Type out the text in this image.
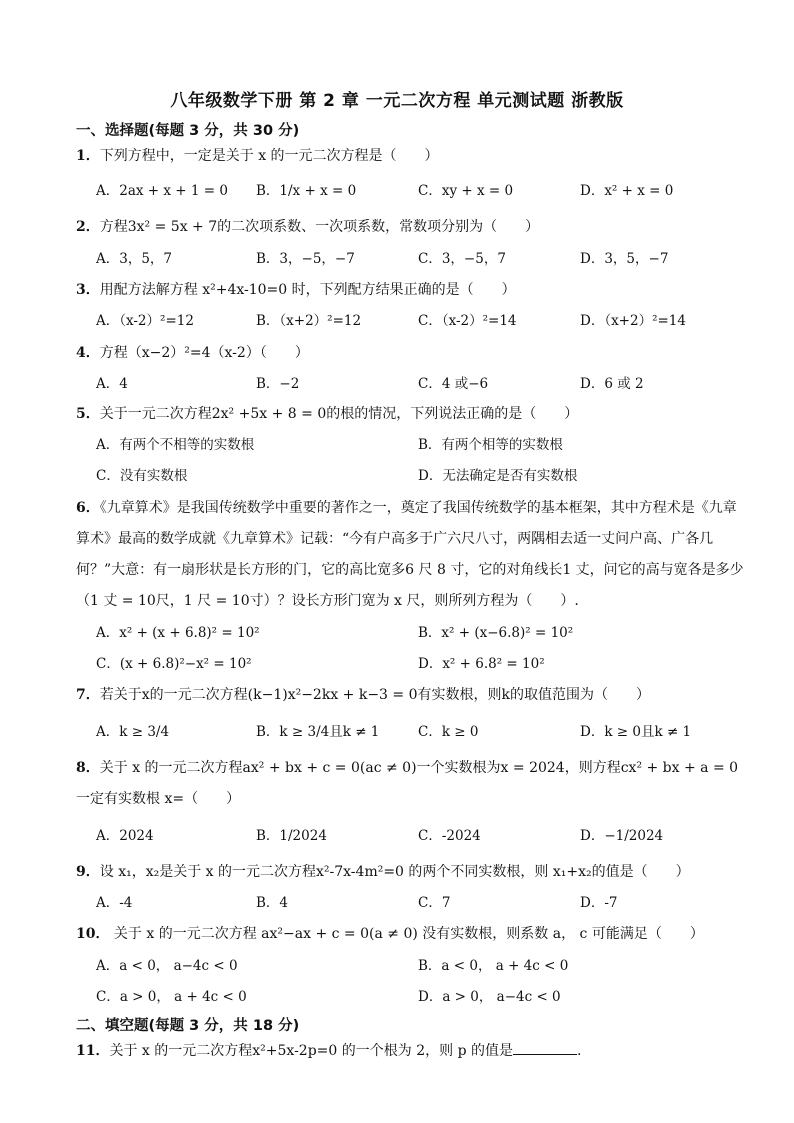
八年级数学下册 第 2 章 一元二次方程 单元测试题 浙教版
一、选择题(每题 3 分，共 30 分)
1．下列方程中，一定是关于 x 的一元二次方程是（　　）
A．2ax + x + 1 = 0 B．1/x + x = 0	C．xy + x = 0	D．x² + x = 0
2．方程3x² = 5x + 7的二次项系数、一次项系数，常数项分别为（　　）
A．3，5，7	B．3，−5，−7	C．3，−5，7	D．3，5，−7
3．用配方法解方程 x²+4x-10=0 时，下列配方结果正确的是（　　）
A．（x-2）²=12	B．（x+2）²=12	C．（x-2）²=14	D．（x+2）²=14
4．方程（x−2）²=4（x-2）（　　）
A．4	B．−2	C．4 或−6	D．6 或 2
5．关于一元二次方程2x² +5x + 8 = 0的根的情况，下列说法正确的是（　　）
A．有两个不相等的实数根	B．有两个相等的实数根
C．没有实数根	D．无法确定是否有实数根
6．《九章算术》是我国传统数学中重要的著作之一，奠定了我国传统数学的基本框架，其中方程术是《九章算术》最高的数学成就《九章算术》记载：“今有户高多于广六尺八寸，两隅相去适一丈问户高、广各几何？”大意：有一扇形状是长方形的门，它的高比宽多6 尺 8 寸，它的对角线长1 丈，问它的高与宽各是多少（1 丈 = 10尺，1 尺 = 10寸）？设长方形门宽为 x 尺，则所列方程为（　　）.
A．x² + (x + 6.8)² = 10²	B．x² + (x−6.8)² = 10²
C．(x + 6.8)²−x² = 10²	D．x² + 6.8² = 10²
7．若关于x的一元二次方程(k−1)x²−2kx + k−3 = 0有实数根，则k的取值范围为（　　）
A．k ≥ 3/4	B．k ≥ 3/4且k ≠ 1	C．k ≥ 0	D．k ≥ 0且k ≠ 1
8．关于 x 的一元二次方程ax² + bx + c = 0(ac ≠ 0)一个实数根为x = 2024，则方程cx² + bx + a = 0一定有实数根 x=（　　）
A．2024	B．1/2024	C．-2024	D．−1/2024
9．设 x₁，x₂是关于 x 的一元二次方程x²-7x-4m²=0 的两个不同实数根，则 x₁+x₂的值是（　　）
A．-4	B．4	C．7	D．-7
10． 关于 x 的一元二次方程 ax²−ax + c = 0(a ≠ 0) 没有实数根，则系数 a， c 可能满足（　　）
A．a < 0， a−4c < 0	B．a < 0， a + 4c < 0
C．a > 0， a + 4c < 0	D．a > 0， a−4c < 0
二、填空题(每题 3 分，共 18 分)
11．关于 x 的一元二次方程x²+5x-2p=0 的一个根为 2，则 p 的值是	.
